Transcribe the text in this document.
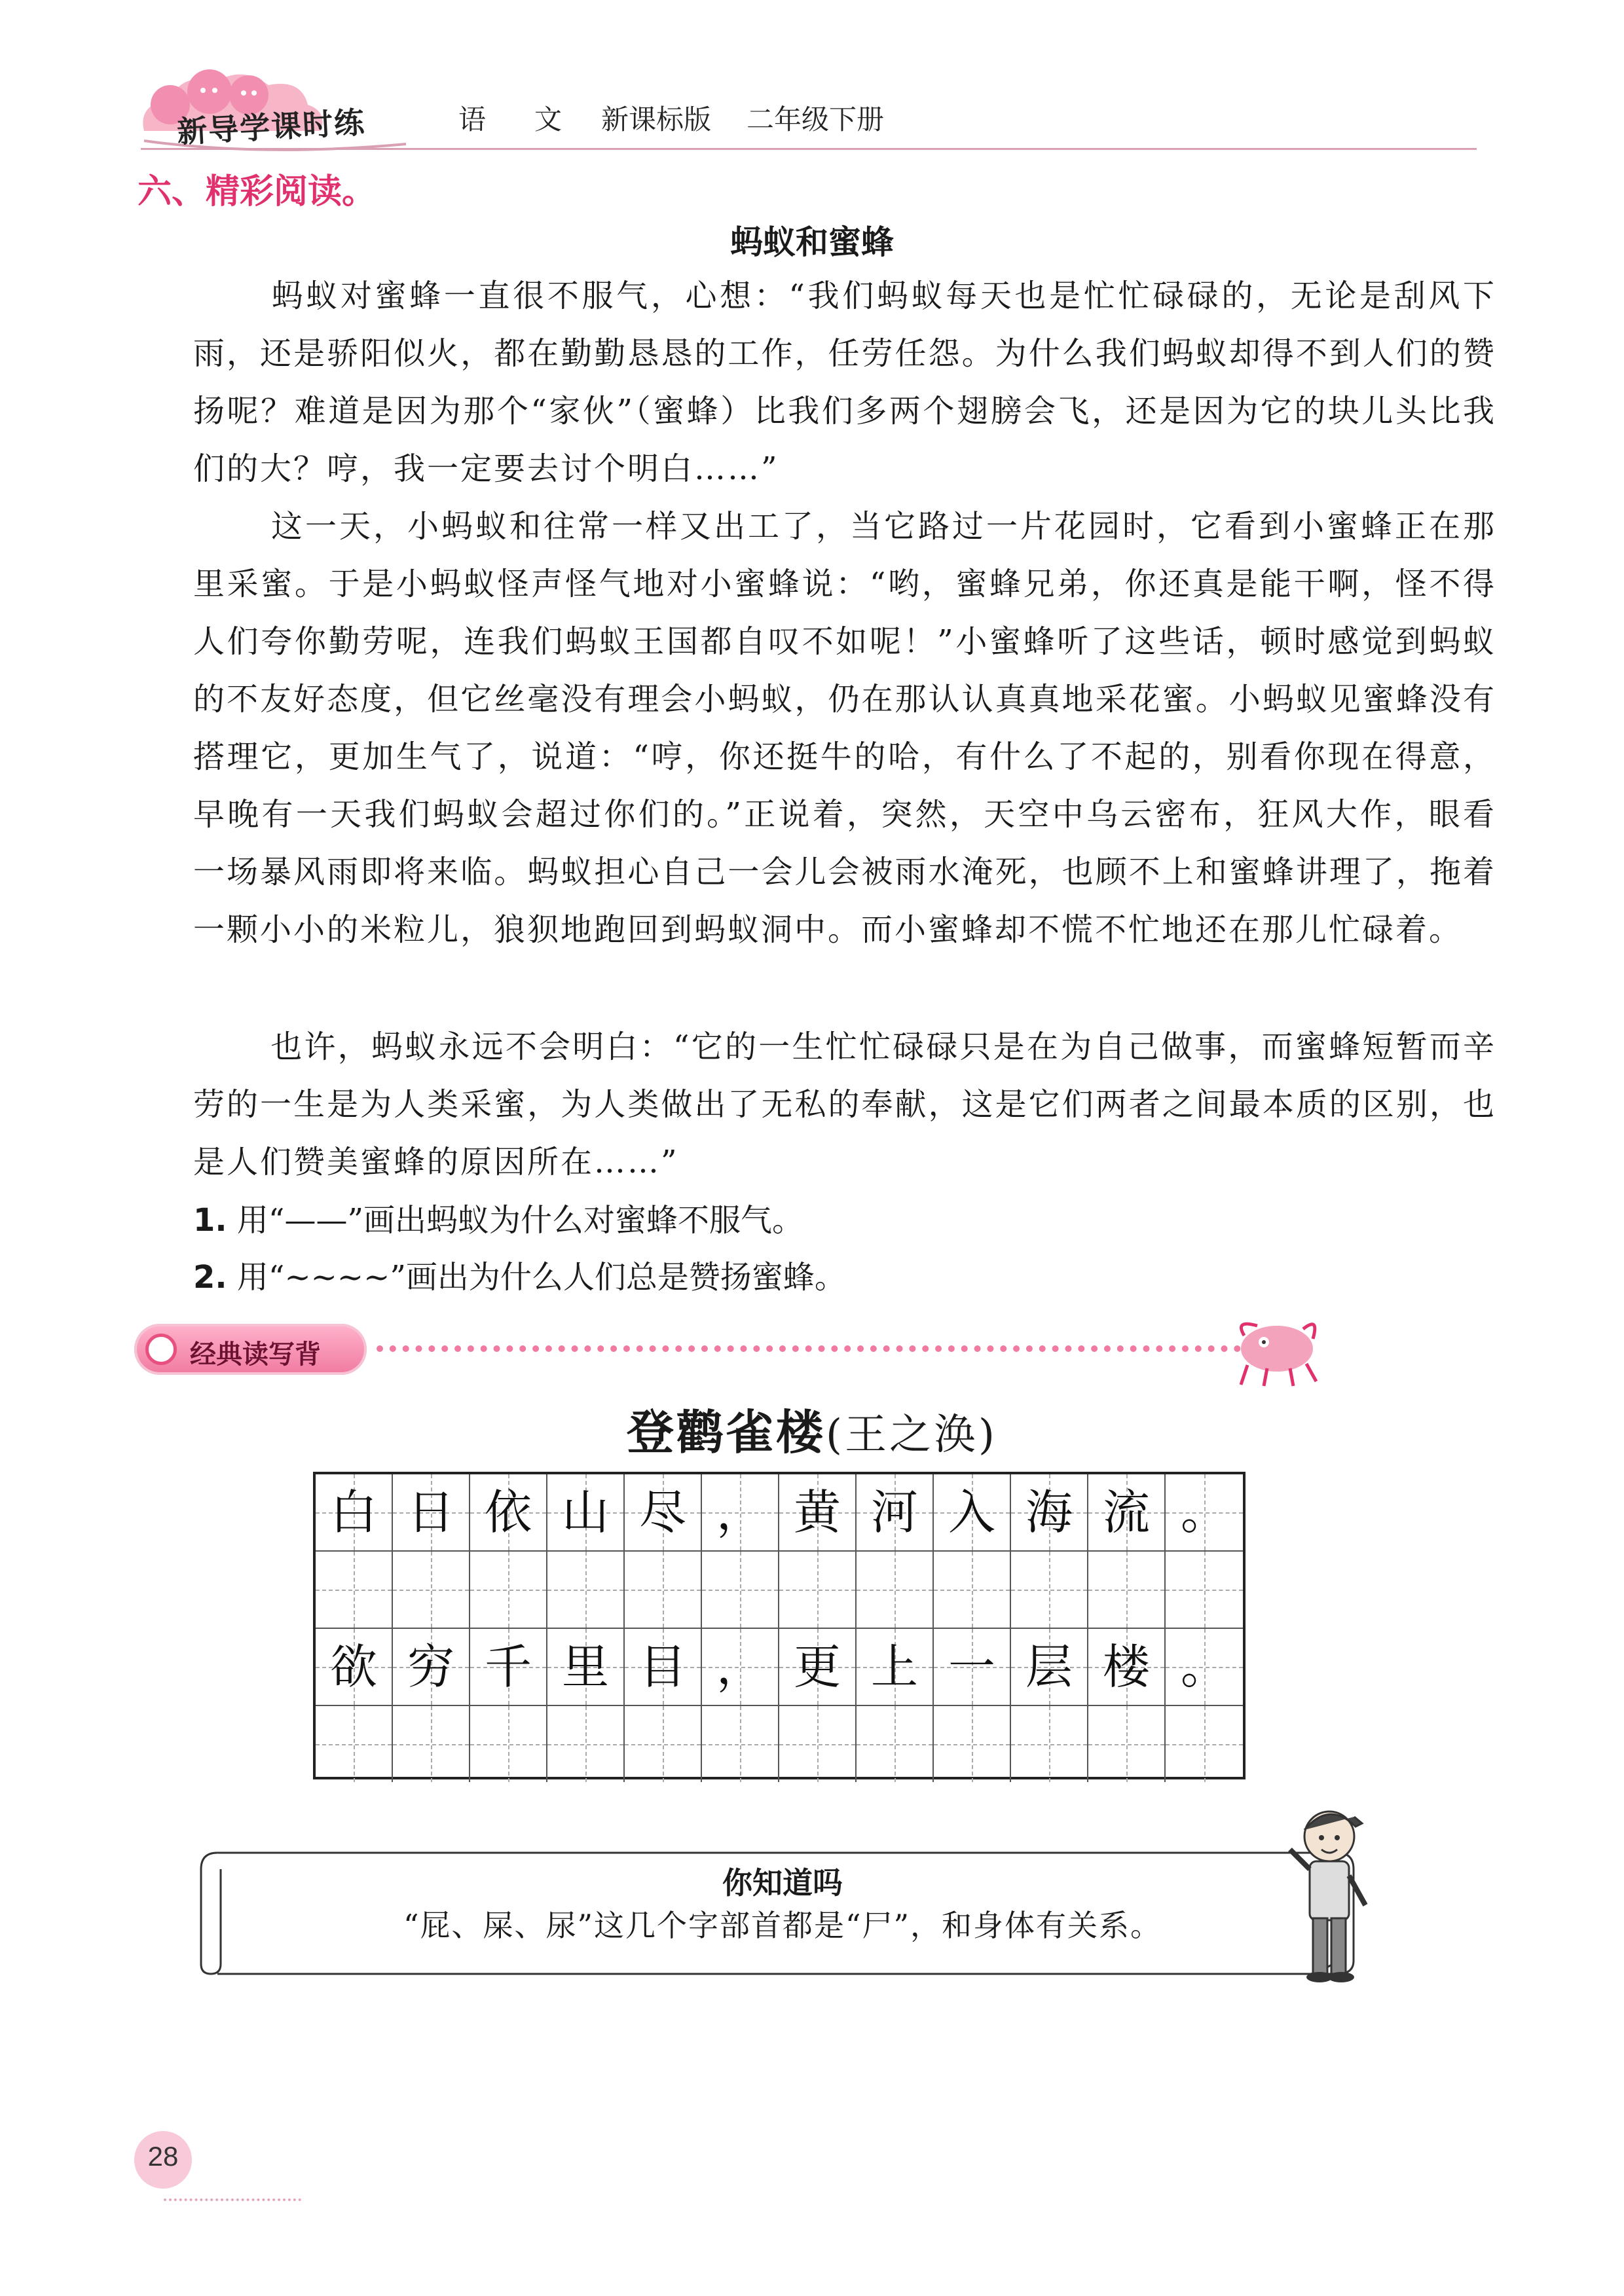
新导学课时练	语 文 新课标版 二年级下册
六、精彩阅读。
蚂蚁和蜜蜂
蚂蚁对蜜蜂一直很不服气，心想：“我们蚂蚁每天也是忙忙碌碌的，无论是刮风下雨，还是骄阳似火，都在勤勤恳恳的工作，任劳任怨。为什么我们蚂蚁却得不到人们的赞扬呢？难道是因为那个“家伙”（蜜蜂）比我们多两个翅膀会飞，还是因为它的块儿头比我们的大？哼，我一定要去讨个明白……”
这一天，小蚂蚁和往常一样又出工了，当它路过一片花园时，它看到小蜜蜂正在那里采蜜。于是小蚂蚁怪声怪气地对小蜜蜂说：“哟，蜜蜂兄弟，你还真是能干啊，怪不得人们夸你勤劳呢，连我们蚂蚁王国都自叹不如呢！”小蜜蜂听了这些话，顿时感觉到蚂蚁的不友好态度，但它丝毫没有理会小蚂蚁，仍在那认认真真地采花蜜。小蚂蚁见蜜蜂没有搭理它，更加生气了，说道：“哼，你还挺牛的哈，有什么了不起的，别看你现在得意，早晚有一天我们蚂蚁会超过你们的。”正说着，突然，天空中乌云密布，狂风大作，眼看一场暴风雨即将来临。蚂蚁担心自己一会儿会被雨水淹死，也顾不上和蜜蜂讲理了，拖着一颗小小的米粒儿，狼狈地跑回到蚂蚁洞中。而小蜜蜂却不慌不忙地还在那儿忙碌着。
也许，蚂蚁永远不会明白：“它的一生忙忙碌碌只是在为自己做事，而蜜蜂短暂而辛劳的一生是为人类采蜜，为人类做出了无私的奉献，这是它们两者之间最本质的区别，也是人们赞美蜜蜂的原因所在……”
1. 用“——”画出蚂蚁为什么对蜜蜂不服气。
2. 用“~~~~”画出为什么人们总是赞扬蜜蜂。
经典读写背
登鹳雀楼(王之涣)
白 日 依 山 尽 ， 黄 河 入 海 流 。
欲 穷 千 里 目 ， 更 上 一 层 楼 。
你知道吗
“屁、屎、尿”这几个字部首都是“尸”，和身体有关系。
28
